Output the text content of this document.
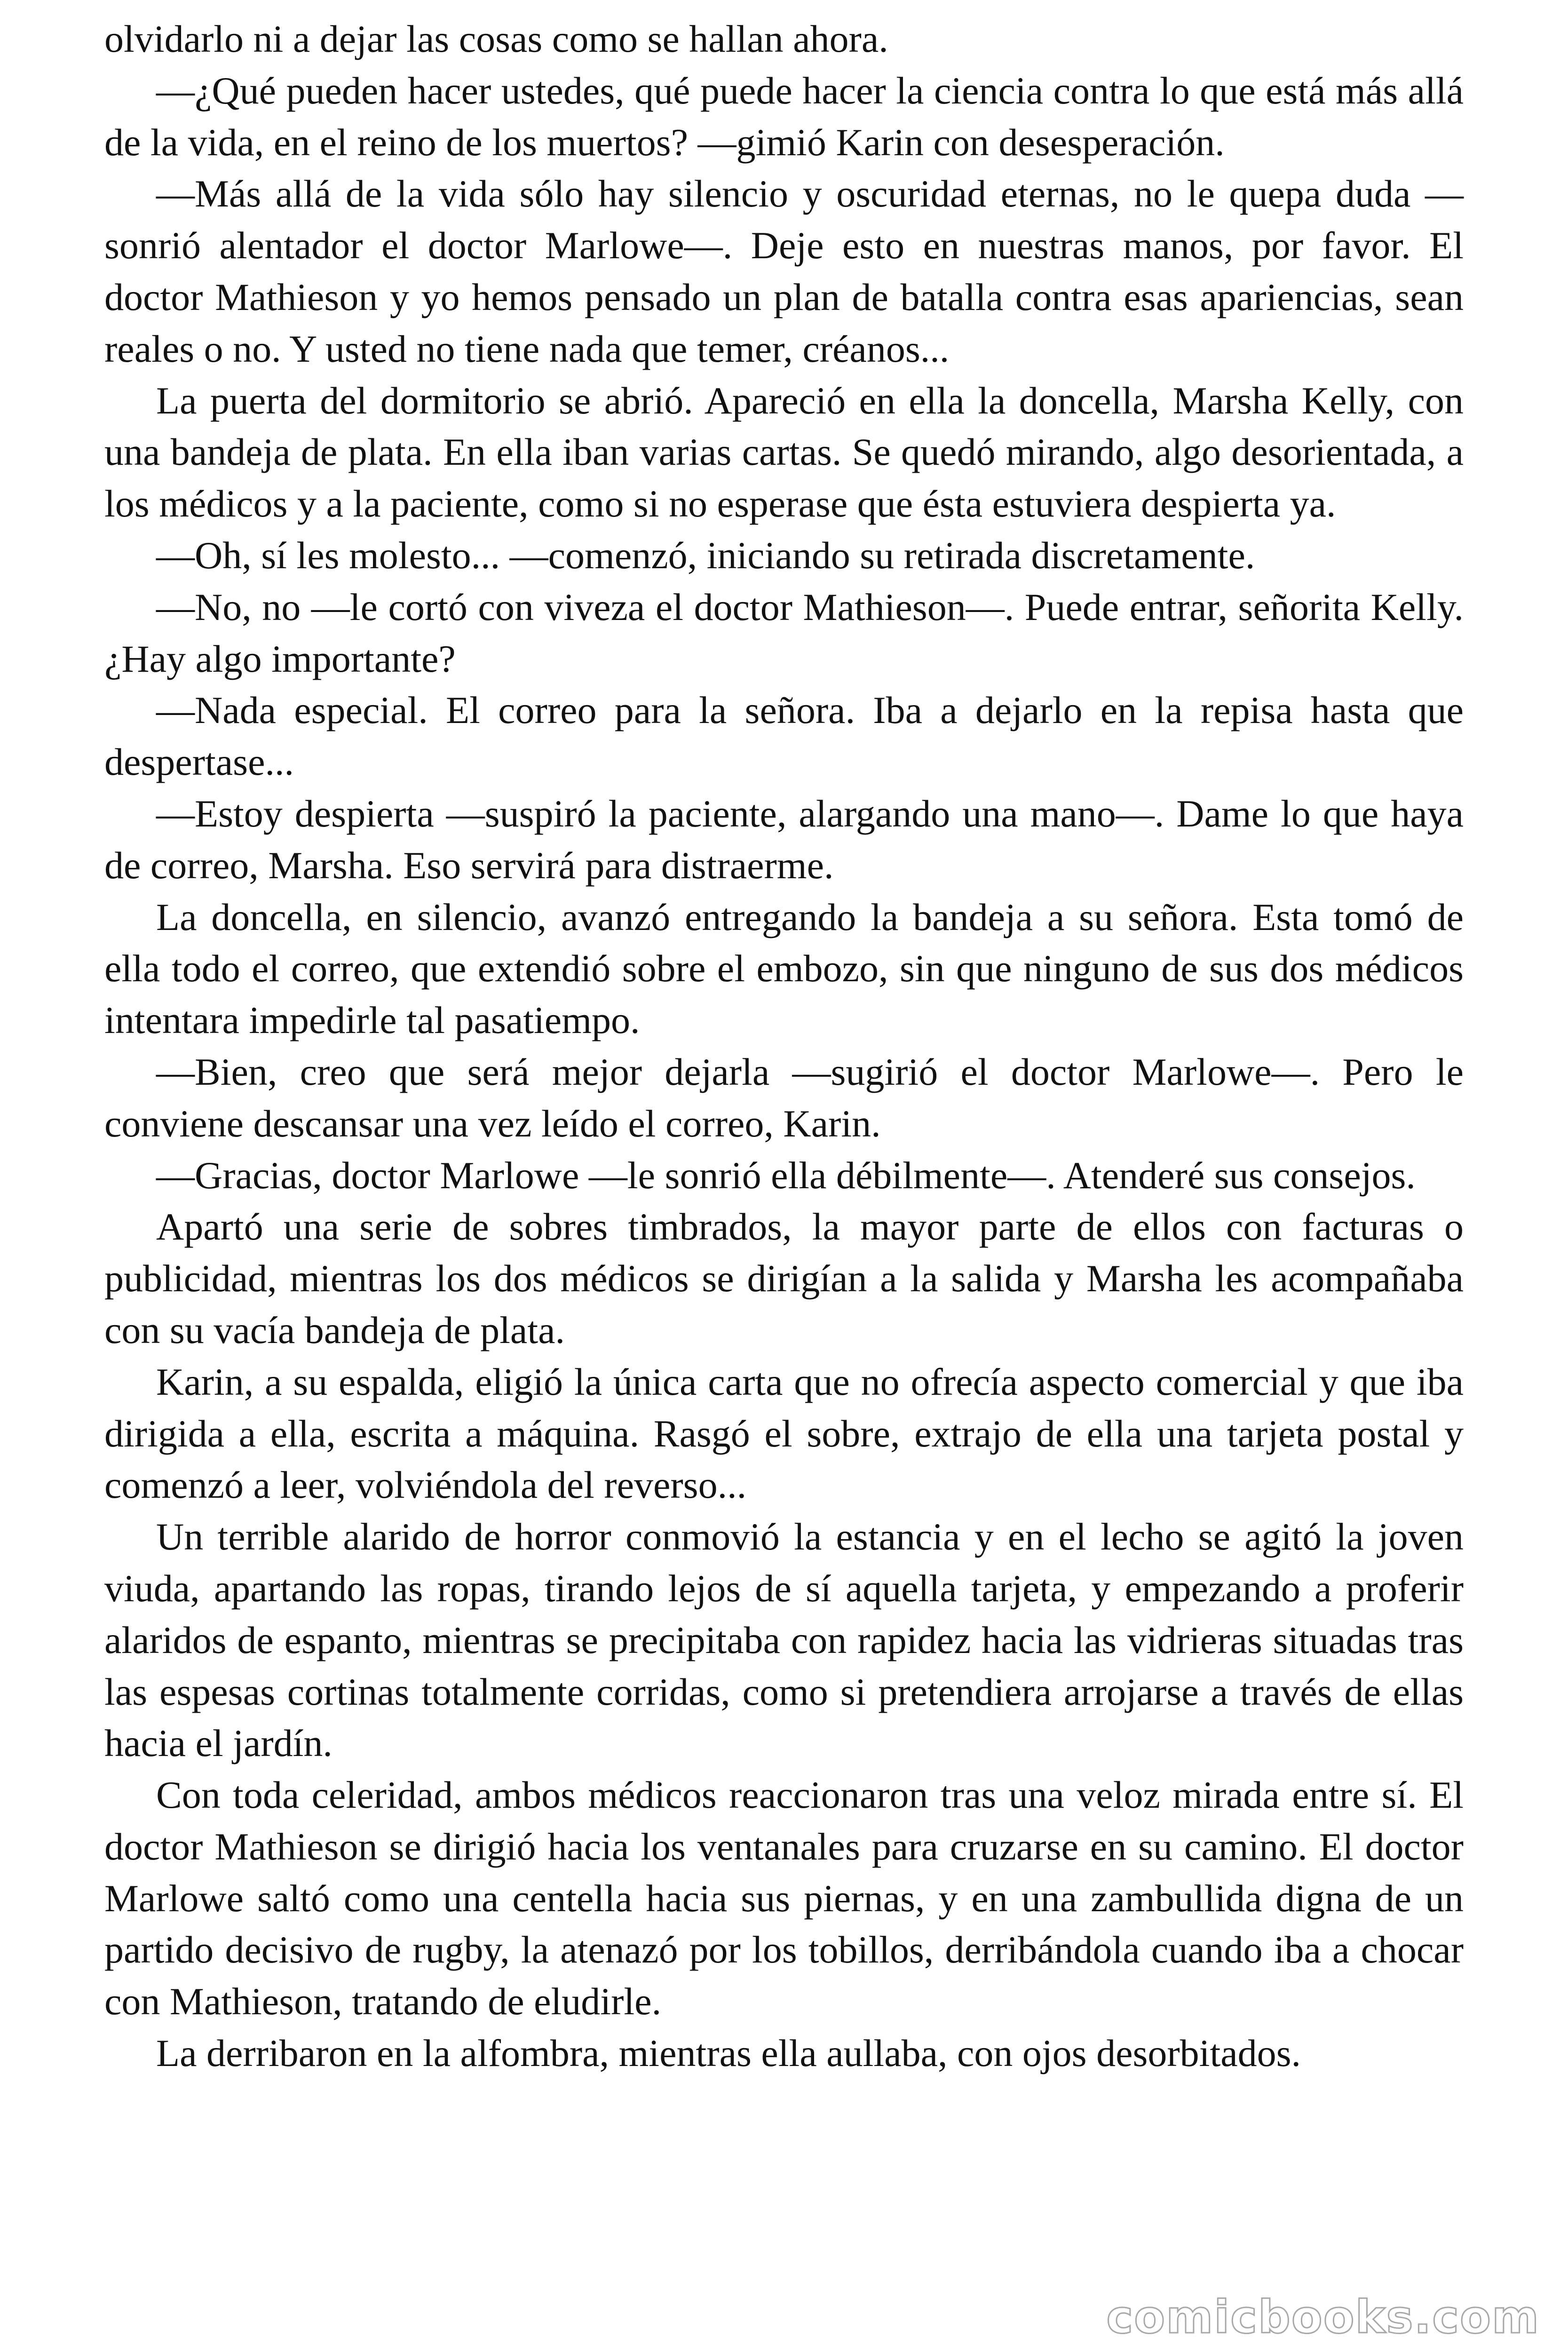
olvidarlo ni a dejar las cosas como se hallan ahora.

—¿Qué pueden hacer ustedes, qué puede hacer la ciencia contra lo que está más allá de la vida, en el reino de los muertos? —gimió Karin con desesperación.

—Más allá de la vida sólo hay silencio y oscuridad eternas, no le quepa duda —sonrió alentador el doctor Marlowe—. Deje esto en nuestras manos, por favor. El doctor Mathieson y yo hemos pensado un plan de batalla contra esas apariencias, sean reales o no. Y usted no tiene nada que temer, créanos...

La puerta del dormitorio se abrió. Apareció en ella la doncella, Marsha Kelly, con una bandeja de plata. En ella iban varias cartas. Se quedó mirando, algo desorientada, a los médicos y a la paciente, como si no esperase que ésta estuviera despierta ya.

—Oh, sí les molesto... —comenzó, iniciando su retirada discretamente.

—No, no —le cortó con viveza el doctor Mathieson—. Puede entrar, señorita Kelly. ¿Hay algo importante?

—Nada especial. El correo para la señora. Iba a dejarlo en la repisa hasta que despertase...

—Estoy despierta —suspiró la paciente, alargando una mano—. Dame lo que haya de correo, Marsha. Eso servirá para distraerme.

La doncella, en silencio, avanzó entregando la bandeja a su señora. Esta tomó de ella todo el correo, que extendió sobre el embozo, sin que ninguno de sus dos médicos intentara impedirle tal pasatiempo.

—Bien, creo que será mejor dejarla —sugirió el doctor Marlowe—. Pero le conviene descansar una vez leído el correo, Karin.

—Gracias, doctor Marlowe —le sonrió ella débilmente—. Atenderé sus consejos.

Apartó una serie de sobres timbrados, la mayor parte de ellos con facturas o publicidad, mientras los dos médicos se dirigían a la salida y Marsha les acompañaba con su vacía bandeja de plata.

Karin, a su espalda, eligió la única carta que no ofrecía aspecto comercial y que iba dirigida a ella, escrita a máquina. Rasgó el sobre, extrajo de ella una tarjeta postal y comenzó a leer, volviéndola del reverso...

Un terrible alarido de horror conmovió la estancia y en el lecho se agitó la joven viuda, apartando las ropas, tirando lejos de sí aquella tarjeta, y empezando a proferir alaridos de espanto, mientras se precipitaba con rapidez hacia las vidrieras situadas tras las espesas cortinas totalmente corridas, como si pretendiera arrojarse a través de ellas hacia el jardín.

Con toda celeridad, ambos médicos reaccionaron tras una veloz mirada entre sí. El doctor Mathieson se dirigió hacia los ventanales para cruzarse en su camino. El doctor Marlowe saltó como una centella hacia sus piernas, y en una zambullida digna de un partido decisivo de rugby, la atenazó por los tobillos, derribándola cuando iba a chocar con Mathieson, tratando de eludirle.

La derribaron en la alfombra, mientras ella aullaba, con ojos desorbitados.

comicbooks.com
